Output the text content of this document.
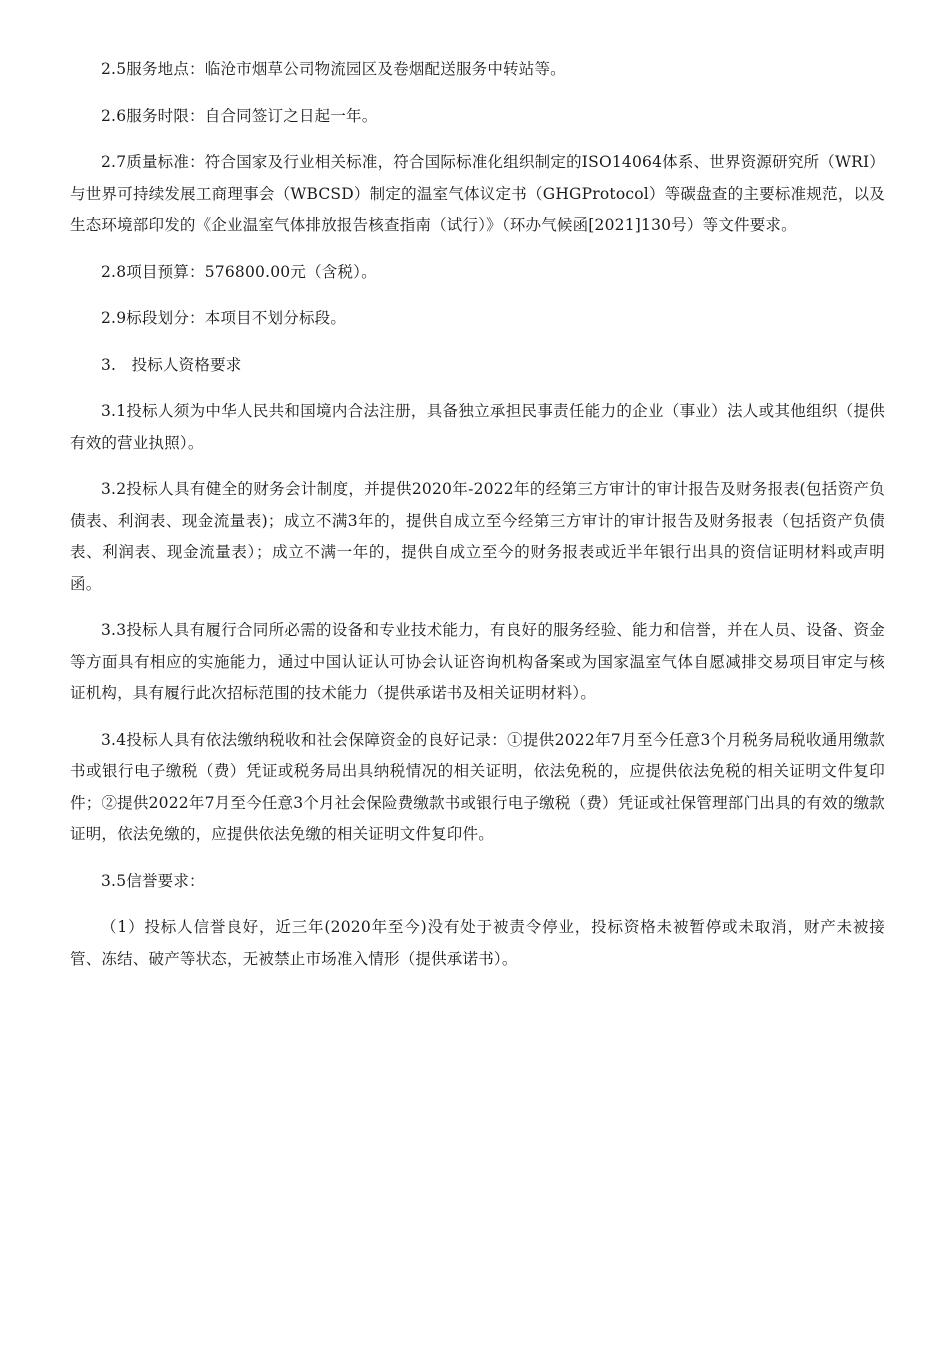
2.5服务地点：临沧市烟草公司物流园区及卷烟配送服务中转站等。

2.6服务时限：自合同签订之日起一年。

2.7质量标准：符合国家及行业相关标准，符合国际标准化组织制定的ISO14064体系、世界资源研究所（WRI）与世界可持续发展工商理事会（WBCSD）制定的温室气体议定书（GHGProtocol）等碳盘查的主要标准规范，以及生态环境部印发的《企业温室气体排放报告核查指南（试行）》（环办气候函[2021]130号）等文件要求。

2.8项目预算：576800.00元（含税）。

2.9标段划分：本项目不划分标段。

3.   投标人资格要求

3.1投标人须为中华人民共和国境内合法注册，具备独立承担民事责任能力的企业（事业）法人或其他组织（提供有效的营业执照）。

3.2投标人具有健全的财务会计制度，并提供2020年-2022年的经第三方审计的审计报告及财务报表(包括资产负债表、利润表、现金流量表)；成立不满3年的，提供自成立至今经第三方审计的审计报告及财务报表（包括资产负债表、利润表、现金流量表）；成立不满一年的，提供自成立至今的财务报表或近半年银行出具的资信证明材料或声明函。

3.3投标人具有履行合同所必需的设备和专业技术能力，有良好的服务经验、能力和信誉，并在人员、设备、资金等方面具有相应的实施能力，通过中国认证认可协会认证咨询机构备案或为国家温室气体自愿减排交易项目审定与核证机构，具有履行此次招标范围的技术能力（提供承诺书及相关证明材料）。

3.4投标人具有依法缴纳税收和社会保障资金的良好记录：①提供2022年7月至今任意3个月税务局税收通用缴款书或银行电子缴税（费）凭证或税务局出具纳税情况的相关证明，依法免税的，应提供依法免税的相关证明文件复印件；②提供2022年7月至今任意3个月社会保险费缴款书或银行电子缴税（费）凭证或社保管理部门出具的有效的缴款证明，依法免缴的，应提供依法免缴的相关证明文件复印件。

3.5信誉要求：

（1）投标人信誉良好，近三年(2020年至今)没有处于被责令停业，投标资格未被暂停或未取消，财产未被接管、冻结、破产等状态，无被禁止市场准入情形（提供承诺书）。
